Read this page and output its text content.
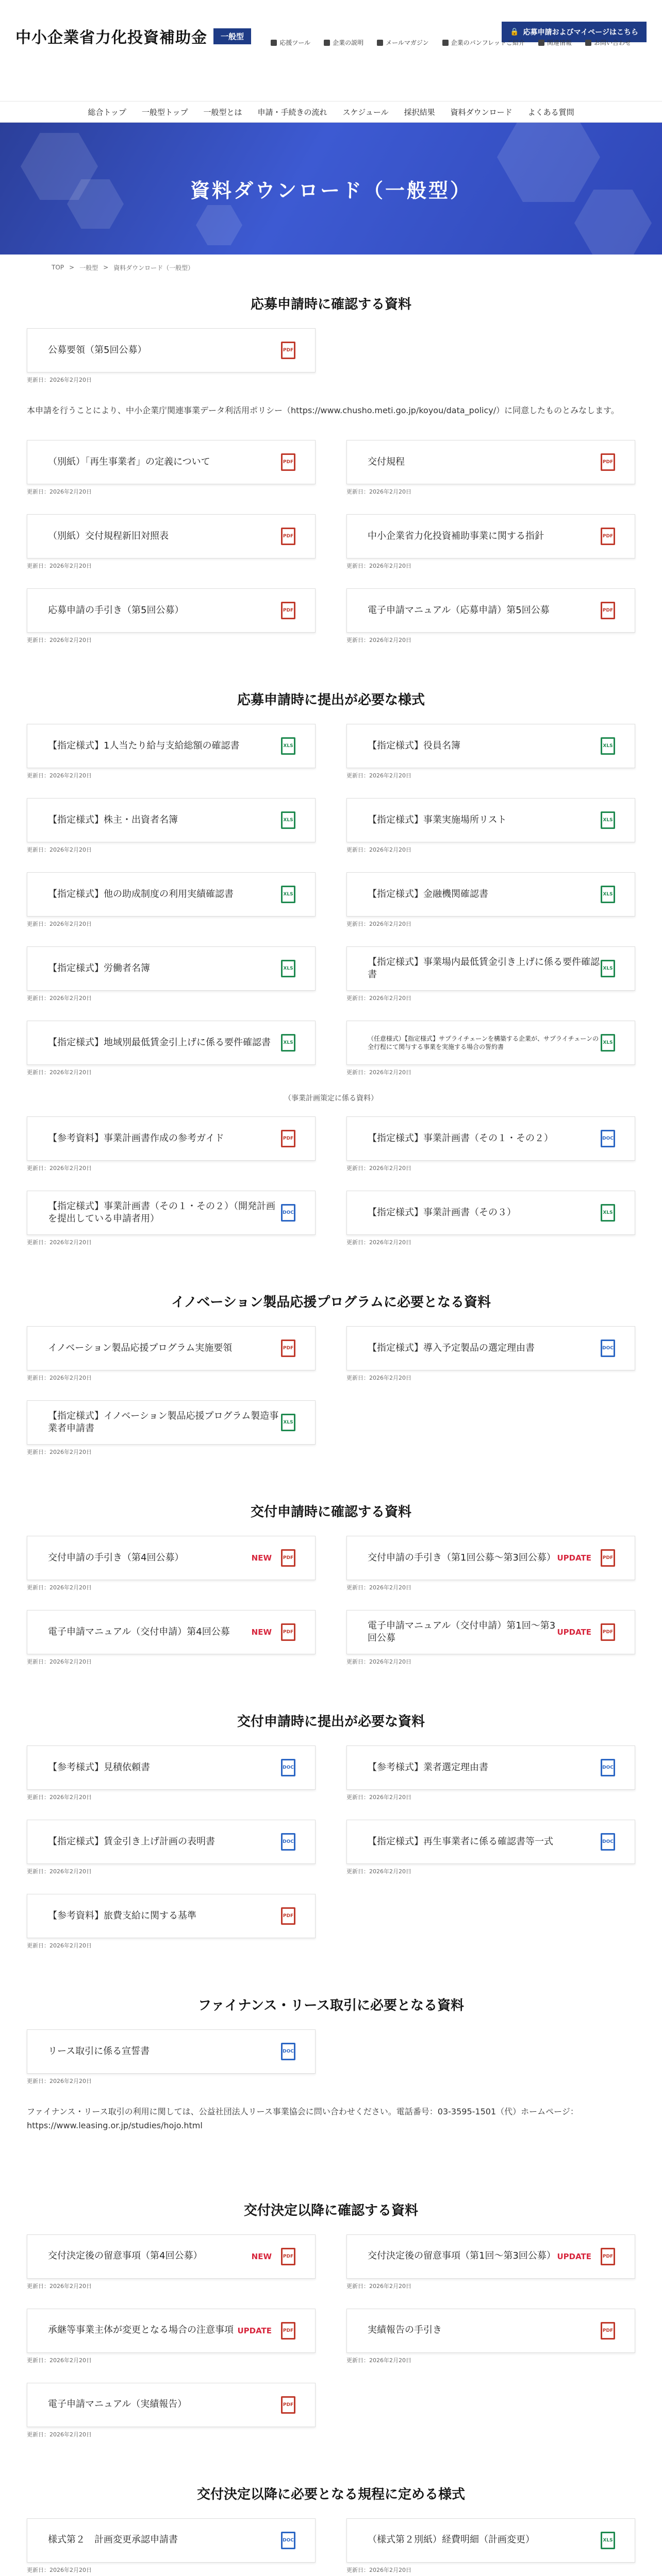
中小企業省力化投資補助金	一般型	🔒 応募申請およびマイページはこちら
応援ツール	企業の説明	メールマガジン	企業のパンフレットご紹介	関連情報	お問い合わせ
総合トップ 一般型トップ 一般型とは 申請・手続きの流れ スケジュール 採択結果 資料ダウンロード よくある質問
資料ダウンロード（一般型）
TOP > 一般型 > 資料ダウンロード（一般型）
応募申請時に確認する資料
公募要領（第5回公募）	PDF
更新日：2026年2月20日

本申請を行うことにより、中小企業庁関連事業データ利活用ポリシー（https://www.chusho.meti.go.jp/koyou/data_policy/）に同意したものとみなします。

（別紙）「再生事業者」の定義について	PDF
更新日：2026年2月20日
交付規程	PDF
更新日：2026年2月20日
（別紙）交付規程新旧対照表	PDF
更新日：2026年2月20日
中小企業省力化投資補助事業に関する指針	PDF
更新日：2026年2月20日
応募申請の手引き（第5回公募）	PDF
更新日：2026年2月20日
電子申請マニュアル（応募申請）第5回公募	PDF
更新日：2026年2月20日
応募申請時に提出が必要な様式
【指定様式】1人当たり給与支給総額の確認書	XLS
更新日：2026年2月20日
【指定様式】役員名簿	XLS
更新日：2026年2月20日
【指定様式】株主・出資者名簿	XLS
更新日：2026年2月20日
【指定様式】事業実施場所リスト	XLS
更新日：2026年2月20日
【指定様式】他の助成制度の利用実績確認書	XLS
更新日：2026年2月20日
【指定様式】金融機関確認書	XLS
更新日：2026年2月20日
【指定様式】労働者名簿	XLS
更新日：2026年2月20日
【指定様式】事業場内最低賃金引き上げに係る要件確認書
XLS
更新日：2026年2月20日
【指定様式】地域別最低賃金引上げに係る要件確認書	XLS
更新日：2026年2月20日
（任意様式）【指定様式】サプライチェーンを構築する企業が、サプライチェーンの全行程にて関与する事業を実施する場合の誓約書
XLS
更新日：2026年2月20日

（事業計画策定に係る資料）

【参考資料】事業計画書作成の参考ガイド	PDF
更新日：2026年2月20日
【指定様式】事業計画書（その１・その２）	DOC
更新日：2026年2月20日
【指定様式】事業計画書（その１・その２）（開発計画を提出している申請者用）
DOC
更新日：2026年2月20日
【指定様式】事業計画書（その３）	XLS
更新日：2026年2月20日
イノベーション製品応援プログラムに必要となる資料
イノベーション製品応援プログラム実施要領	PDF
更新日：2026年2月20日
【指定様式】導入予定製品の選定理由書	DOC
更新日：2026年2月20日
【指定様式】イノベーション製品応援プログラム製造事業者申請書
XLS
更新日：2026年2月20日
交付申請時に確認する資料
交付申請の手引き（第4回公募）	NEW	PDF
更新日：2026年2月20日
交付申請の手引き（第1回公募〜第3回公募） UPDATE	PDF
更新日：2026年2月20日
電子申請マニュアル（交付申請）第4回公募	NEW	PDF
更新日：2026年2月20日
電子申請マニュアル（交付申請）第1回〜第3回公募
UPDATE	PDF
更新日：2026年2月20日
交付申請時に提出が必要な資料
【参考様式】見積依頼書	DOC
更新日：2026年2月20日
【参考様式】業者選定理由書	DOC
更新日：2026年2月20日
【指定様式】賃金引き上げ計画の表明書	DOC
更新日：2026年2月20日
【指定様式】再生事業者に係る確認書等一式	DOC
更新日：2026年2月20日
【参考資料】旅費支給に関する基準	PDF
更新日：2026年2月20日
ファイナンス・リース取引に必要となる資料
リース取引に係る宣誓書	DOC
更新日：2026年2月20日

ファイナンス・リース取引の利用に関しては、公益社団法人リース事業協会に問い合わせください。電話番号：03-3595-1501（代）ホームページ：https://www.leasing.or.jp/studies/hojo.html

交付決定以降に確認する資料
交付決定後の留意事項（第4回公募）	NEW	PDF
更新日：2026年2月20日
交付決定後の留意事項（第1回〜第3回公募） UPDATE	PDF
更新日：2026年2月20日
承継等事業主体が変更となる場合の注意事項 UPDATE	PDF
更新日：2026年2月20日
実績報告の手引き	PDF
更新日：2026年2月20日
電子申請マニュアル（実績報告）	PDF
更新日：2026年2月20日
交付決定以降に必要となる規程に定める様式
様式第２　計画変更承認申請書	DOC
更新日：2026年2月20日
（様式第２別紙）経費明細（計画変更）	XLS
更新日：2026年2月20日
